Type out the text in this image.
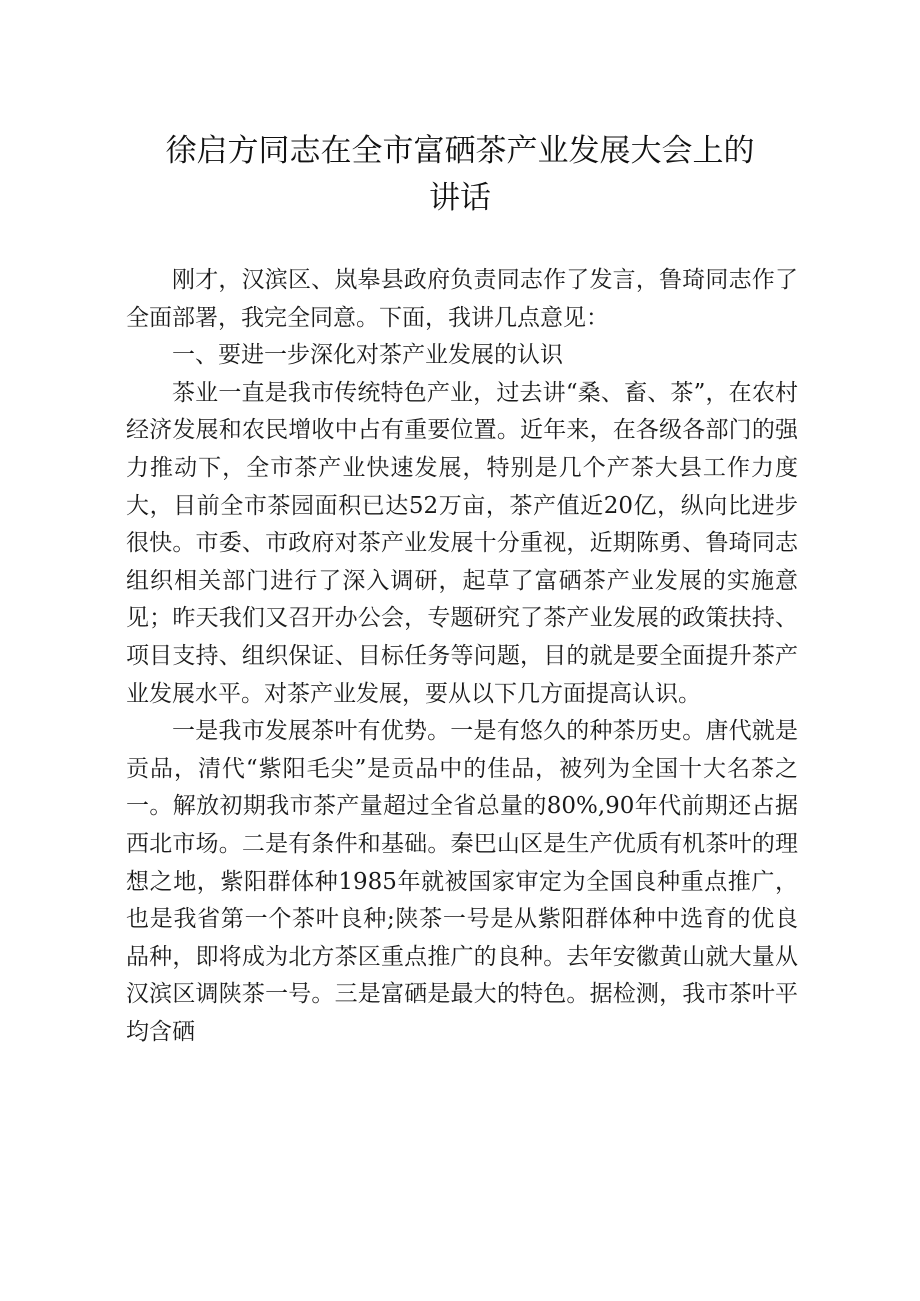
徐启方同志在全市富硒茶产业发展大会上的
讲话

刚才，汉滨区、岚皋县政府负责同志作了发言，鲁琦同志作了全面部署，我完全同意。下面，我讲几点意见：

一、要进一步深化对茶产业发展的认识

茶业一直是我市传统特色产业，过去讲“桑、畜、茶”，在农村经济发展和农民增收中占有重要位置。近年来，在各级各部门的强力推动下，全市茶产业快速发展，特别是几个产茶大县工作力度大，目前全市茶园面积已达52万亩，茶产值近20亿，纵向比进步很快。市委、市政府对茶产业发展十分重视，近期陈勇、鲁琦同志组织相关部门进行了深入调研，起草了富硒茶产业发展的实施意见；昨天我们又召开办公会，专题研究了茶产业发展的政策扶持、项目支持、组织保证、目标任务等问题，目的就是要全面提升茶产业发展水平。对茶产业发展，要从以下几方面提高认识。

一是我市发展茶叶有优势。一是有悠久的种茶历史。唐代就是贡品，清代“紫阳毛尖”是贡品中的佳品，被列为全国十大名茶之一。解放初期我市茶产量超过全省总量的80%,90年代前期还占据西北市场。二是有条件和基础。秦巴山区是生产优质有机茶叶的理想之地，紫阳群体种1985年就被国家审定为全国良种重点推广，也是我省第一个茶叶良种;陕茶一号是从紫阳群体种中选育的优良品种，即将成为北方茶区重点推广的良种。去年安徽黄山就大量从汉滨区调陕茶一号。三是富硒是最大的特色。据检测，我市茶叶平均含硒
